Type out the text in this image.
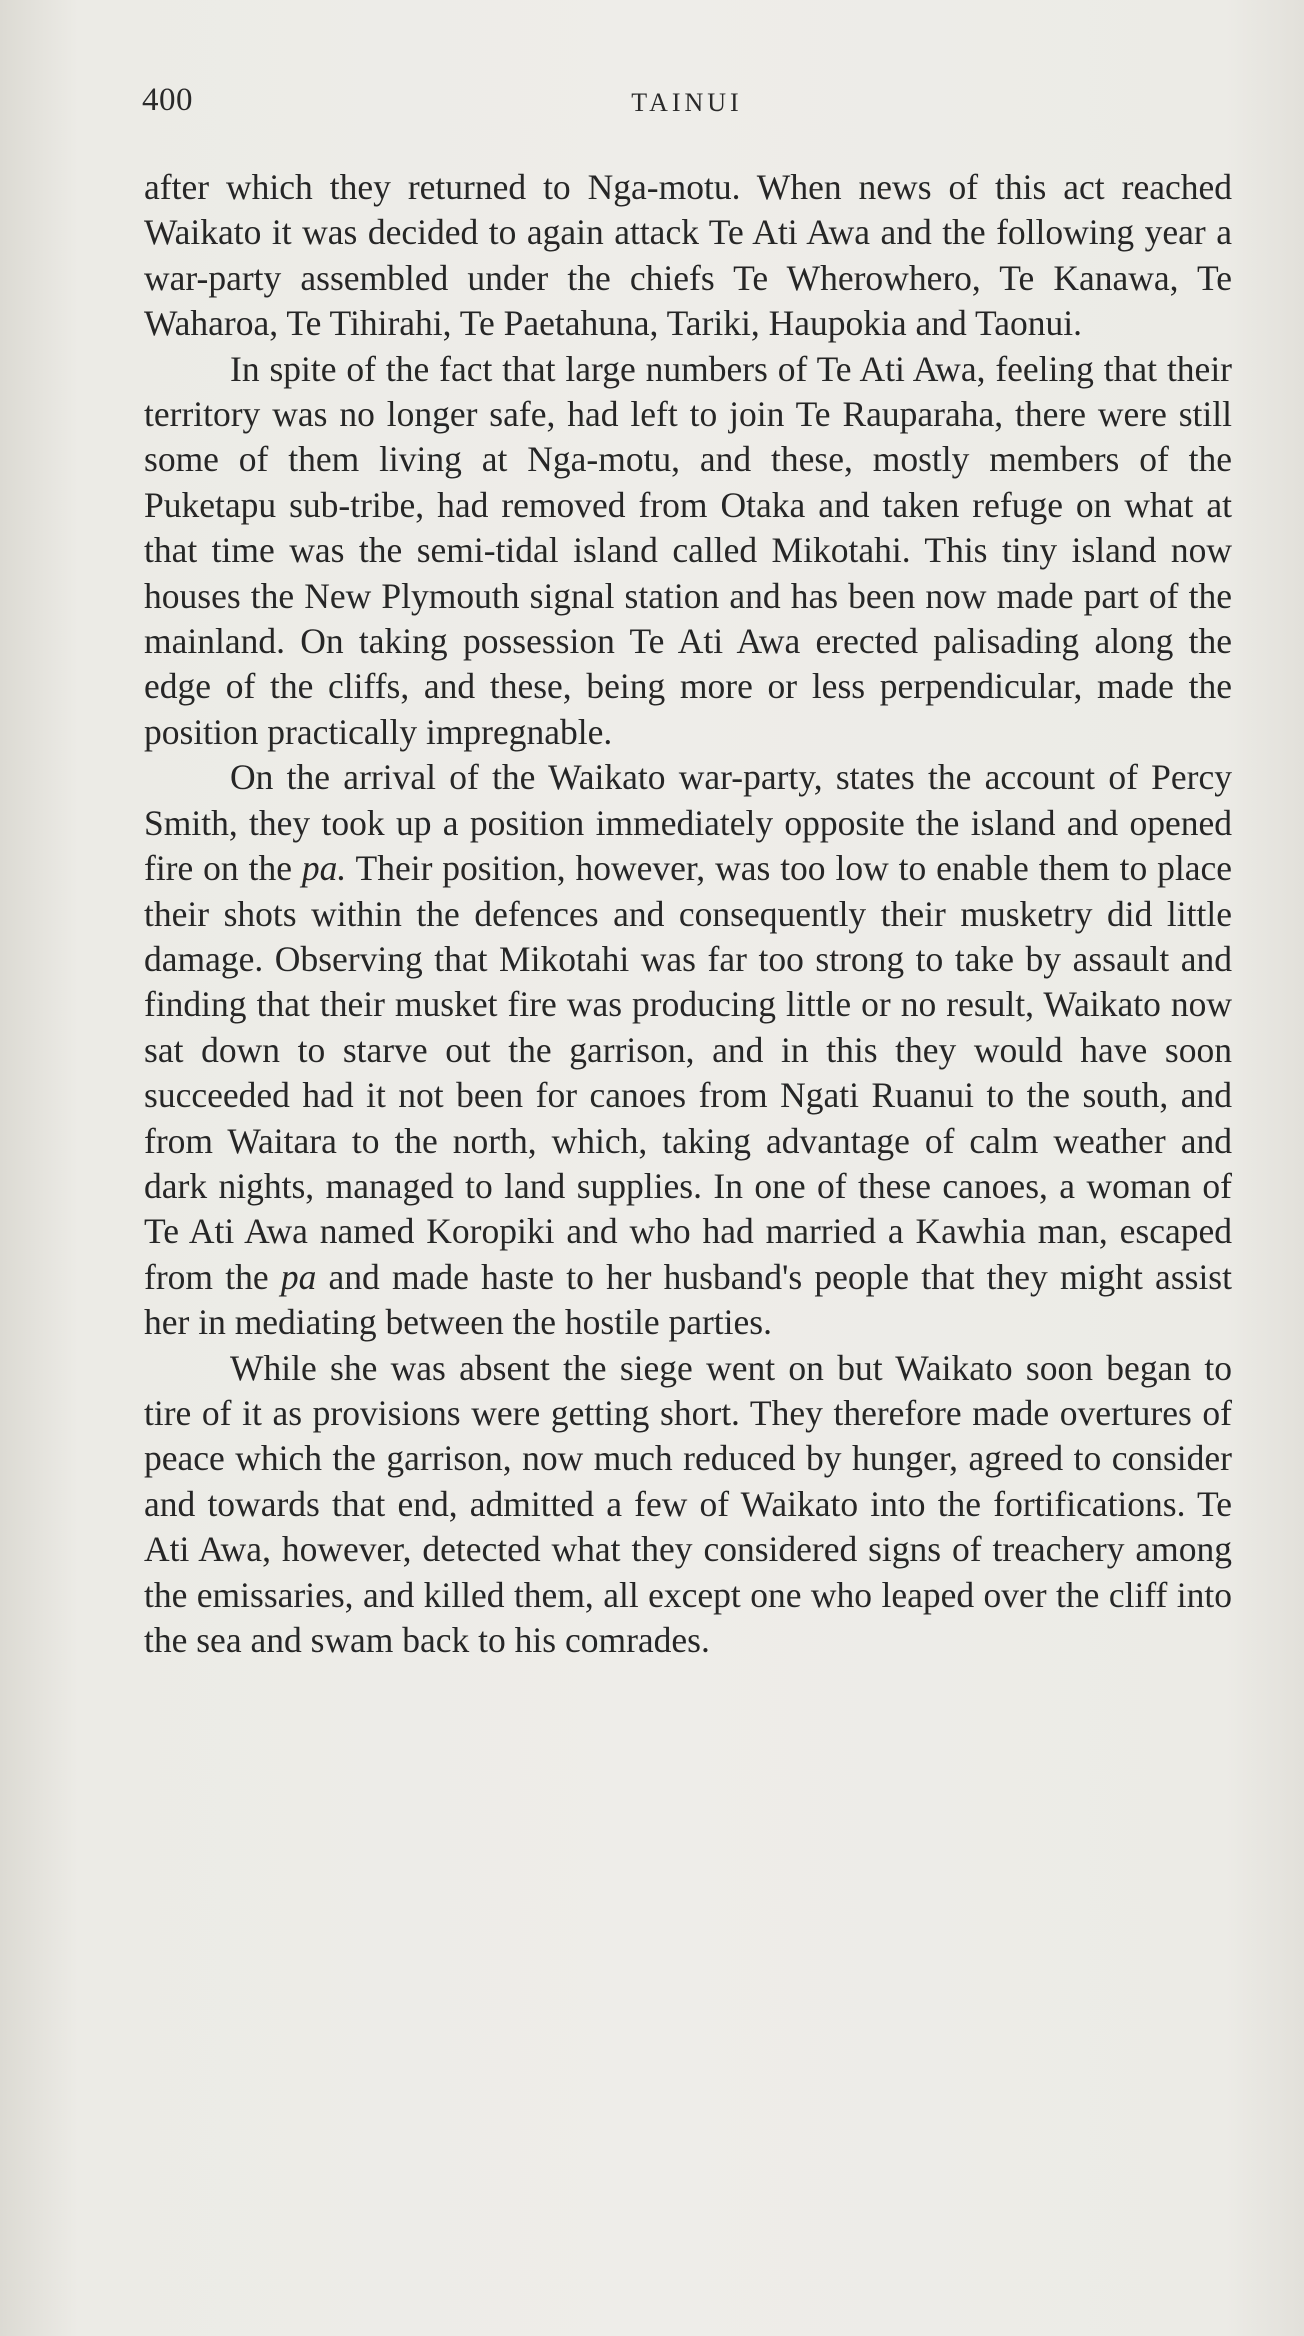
400	TAINUI

after which they returned to Nga-motu. When news of this act reached Waikato it was decided to again attack Te Ati Awa and the following year a war-party assembled under the chiefs Te Wherowhero, Te Kanawa, Te Waharoa, Te Tihirahi, Te Paetahuna, Tariki, Haupokia and Taonui.

In spite of the fact that large numbers of Te Ati Awa, feeling that their territory was no longer safe, had left to join Te Rauparaha, there were still some of them living at Nga-motu, and these, mostly members of the Puketapu sub-tribe, had removed from Otaka and taken refuge on what at that time was the semi-tidal island called Mikotahi. This tiny island now houses the New Plymouth signal station and has been now made part of the mainland. On taking possession Te Ati Awa erected palisading along the edge of the cliffs, and these, being more or less perpendicular, made the position practically impregnable.

On the arrival of the Waikato war-party, states the account of Percy Smith, they took up a position immediately opposite the island and opened fire on the pa. Their position, however, was too low to enable them to place their shots within the defences and consequently their musketry did little damage. Observing that Mikotahi was far too strong to take by assault and finding that their musket fire was producing little or no result, Waikato now sat down to starve out the garrison, and in this they would have soon succeeded had it not been for canoes from Ngati Ruanui to the south, and from Waitara to the north, which, taking advantage of calm weather and dark nights, managed to land supplies. In one of these canoes, a woman of Te Ati Awa named Koropiki and who had married a Kawhia man, escaped from the pa and made haste to her husband's people that they might assist her in mediating between the hostile parties.

While she was absent the siege went on but Waikato soon began to tire of it as provisions were getting short. They therefore made overtures of peace which the garrison, now much reduced by hunger, agreed to consider and towards that end, admitted a few of Waikato into the fortifications. Te Ati Awa, however, detected what they considered signs of treachery among the emissaries, and killed them, all except one who leaped over the cliff into the sea and swam back to his comrades.
